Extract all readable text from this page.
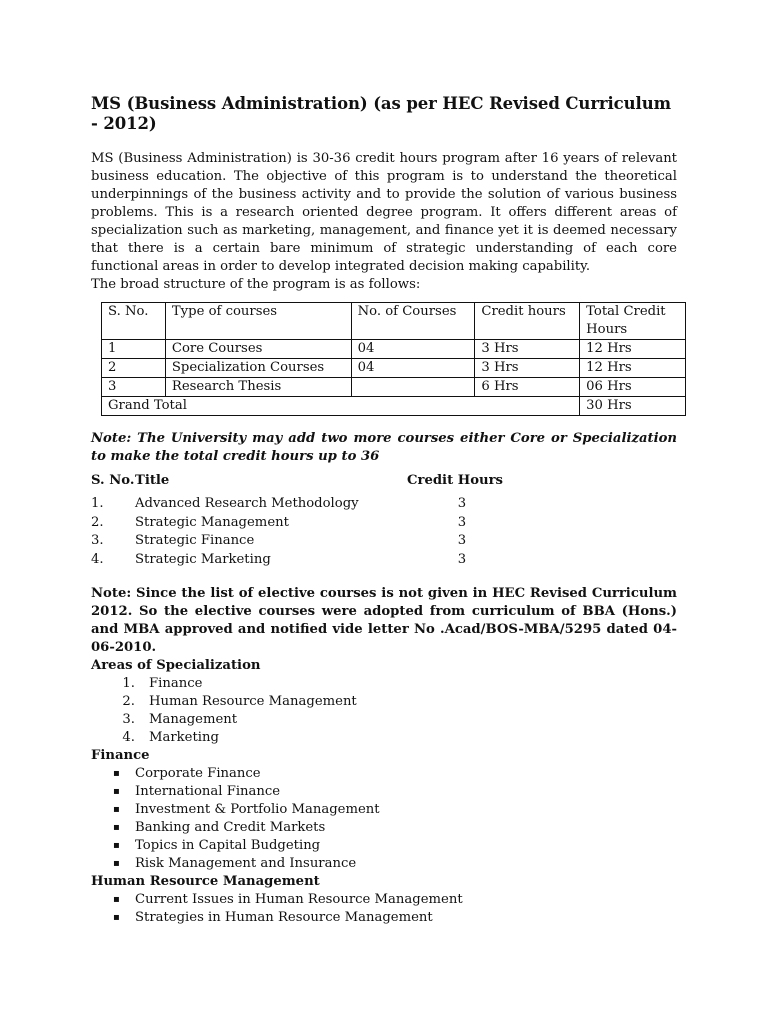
MS (Business Administration) (as per HEC Revised Curriculum - 2012)

MS (Business Administration) is 30-36 credit hours program after 16 years of relevant business education. The objective of this program is to understand the theoretical underpinnings of the business activity and to provide the solution of various business problems. This is a research oriented degree program. It offers different areas of specialization such as marketing, management, and finance yet it is deemed necessary that there is a certain bare minimum of strategic understanding of each core functional areas in order to develop integrated decision making capability.

The broad structure of the program is as follows:

S. No.	Type of courses	No. of Courses	Credit hours	Total Credit Hours
1	Core Courses	04	3 Hrs	12 Hrs
2	Specialization Courses	04	3 Hrs	12 Hrs
3	Research Thesis		6 Hrs	06 Hrs
Grand Total				30 Hrs

Note: The University may add two more courses either Core or Specialization to make the total credit hours up to 36

S. No. Title	Credit Hours
1.	Advanced Research Methodology	3
2.	Strategic Management	3
3.	Strategic Finance	3
4.	Strategic Marketing	3

Note: Since the list of elective courses is not given in HEC Revised Curriculum 2012. So the elective courses were adopted from curriculum of BBA (Hons.) and MBA approved and notified vide letter No .Acad/BOS-MBA/5295 dated 04-06-2010.

Areas of Specialization
1. Finance
2. Human Resource Management
3. Management
4. Marketing
Finance
▪	Corporate Finance
▪	International Finance
▪	Investment & Portfolio Management
▪	Banking and Credit Markets
▪	Topics in Capital Budgeting
▪	Risk Management and Insurance
Human Resource Management
▪	Current Issues in Human Resource Management
▪	Strategies in Human Resource Management
